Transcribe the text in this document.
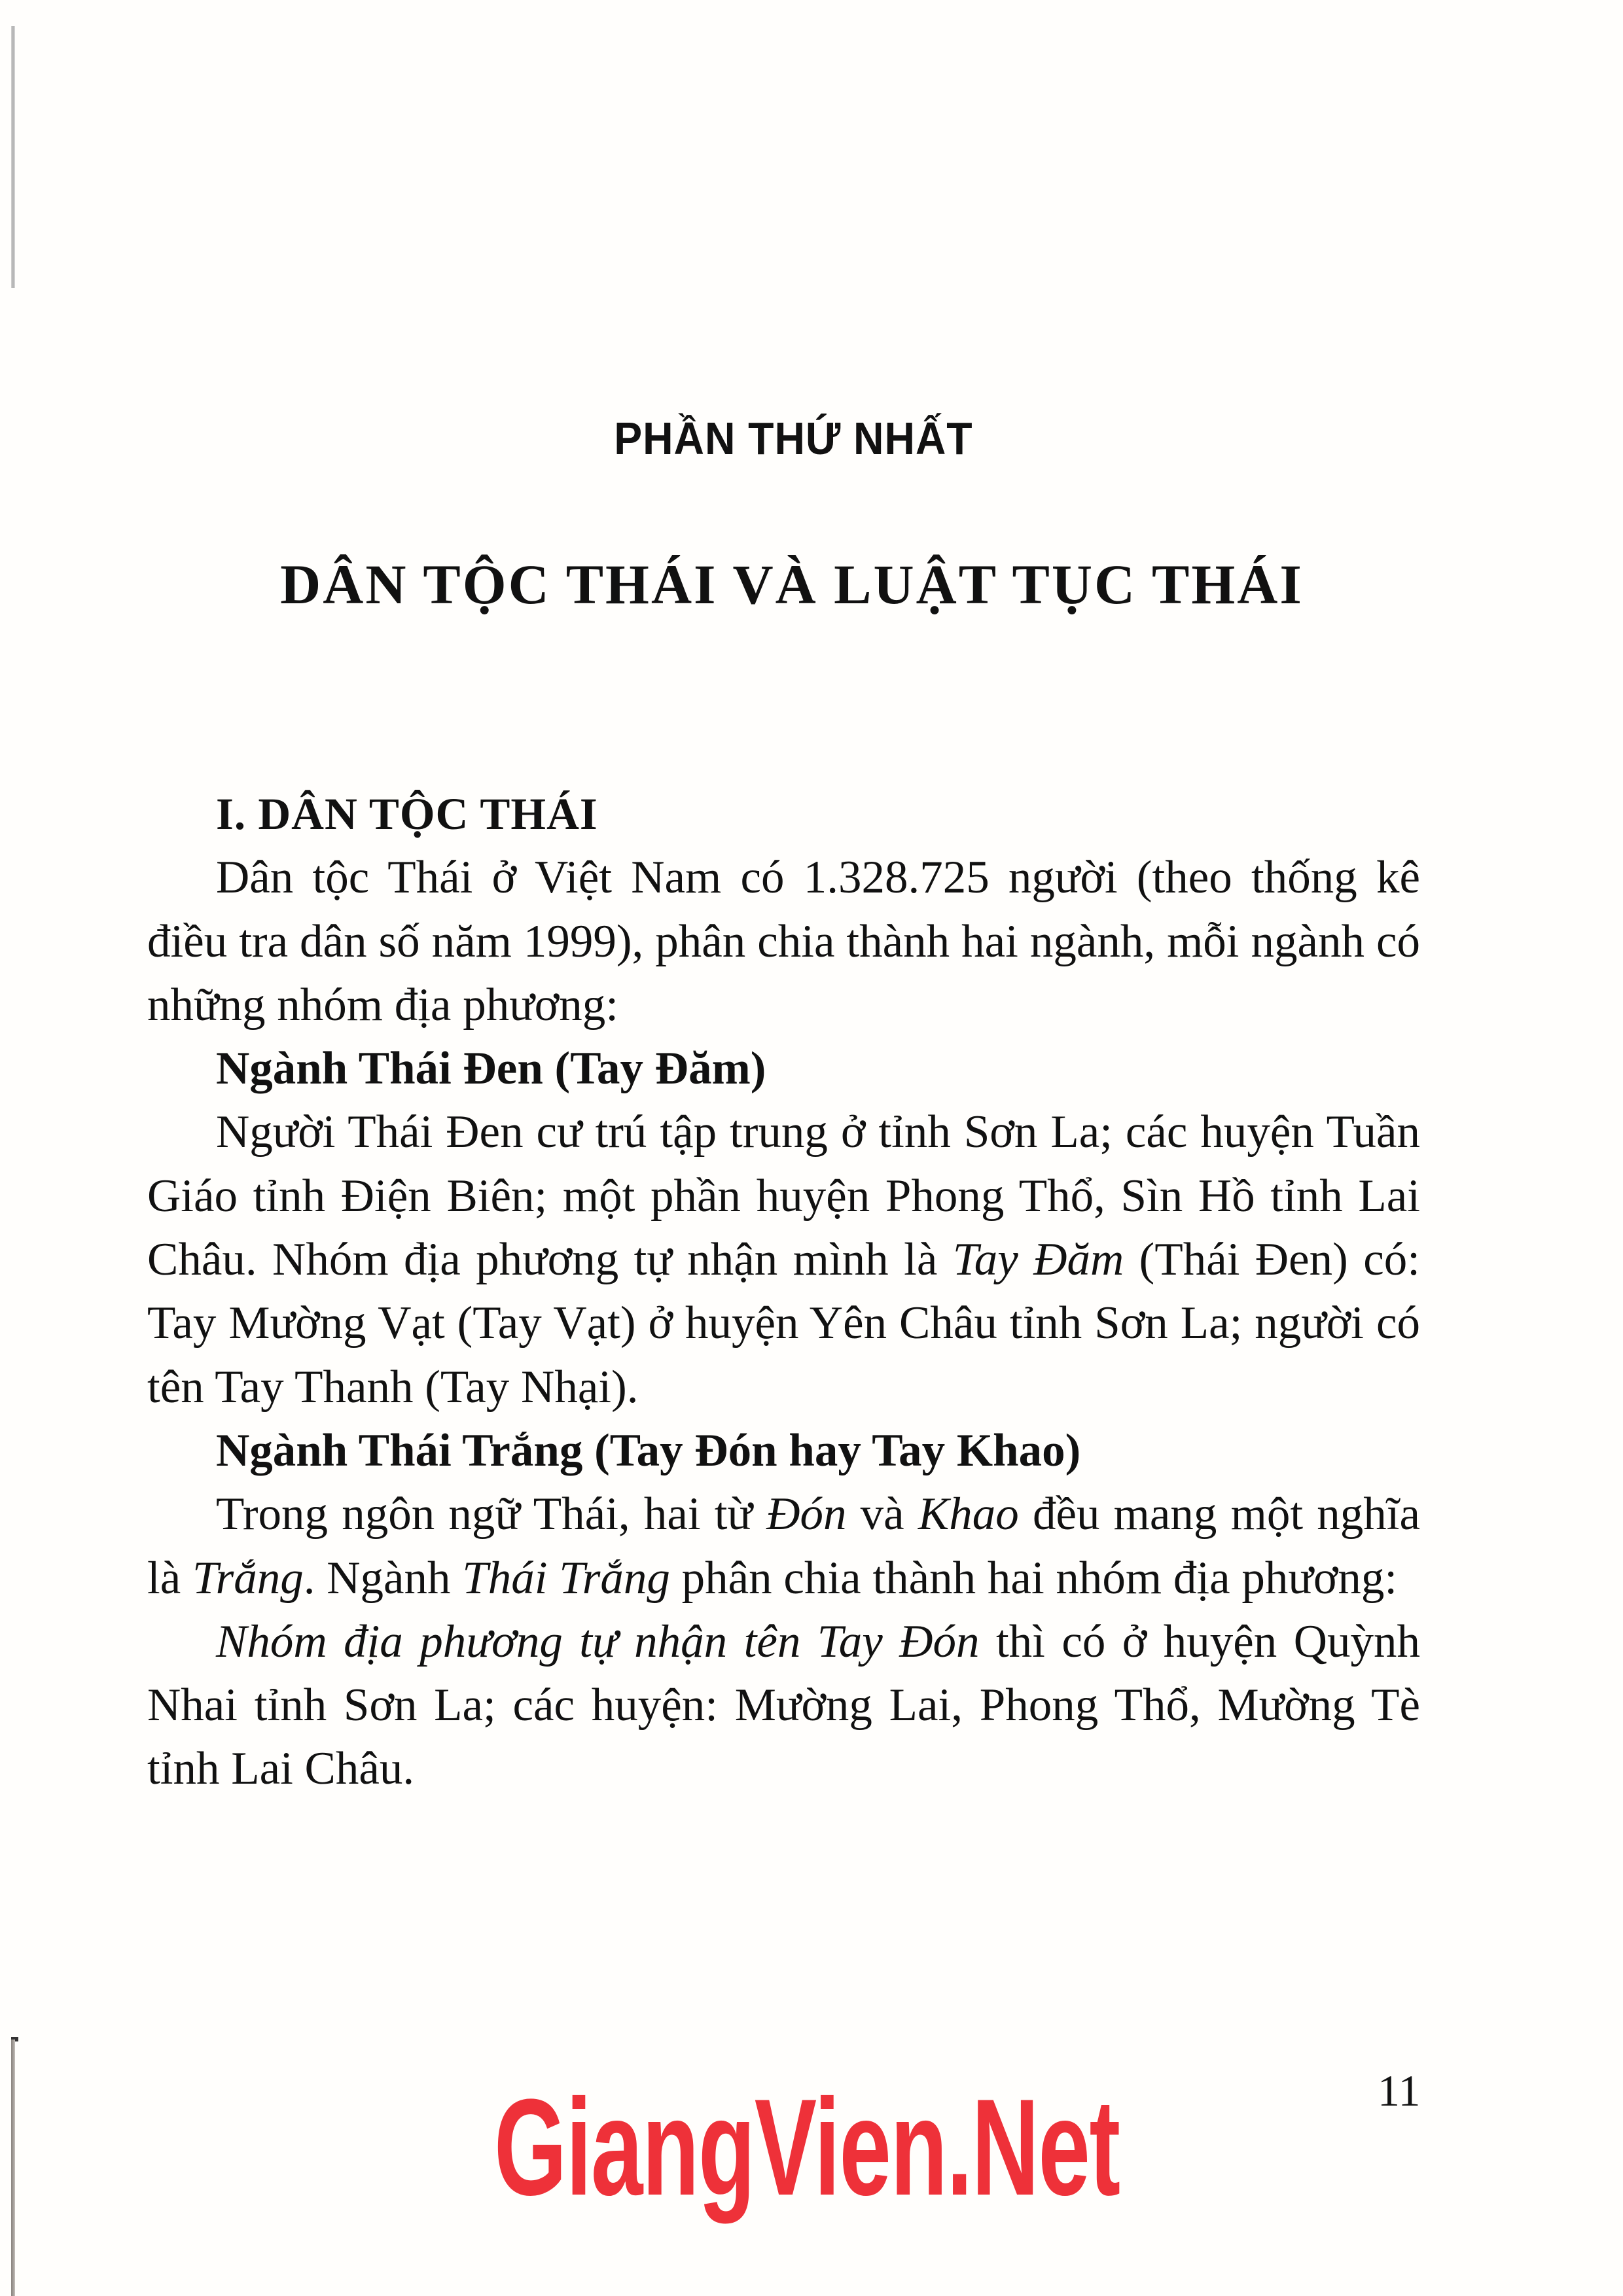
PHẦN THỨ NHẤT
DÂN TỘC THÁI VÀ LUẬT TỤC THÁI

I. DÂN TỘC THÁI

Dân tộc Thái ở Việt Nam có 1.328.725 người (theo thống kê điều tra dân số năm 1999), phân chia thành hai ngành, mỗi ngành có những nhóm địa phương:

Ngành Thái Đen (Tay Đăm)

Người Thái Đen cư trú tập trung ở tỉnh Sơn La; các huyện Tuần Giáo tỉnh Điện Biên; một phần huyện Phong Thổ, Sìn Hồ tỉnh Lai Châu. Nhóm địa phương tự nhận mình là Tay Đăm (Thái Đen) có: Tay Mường Vạt (Tay Vạt) ở huyện Yên Châu tỉnh Sơn La; người có tên Tay Thanh (Tay Nhại).

Ngành Thái Trắng (Tay Đón hay Tay Khao)

Trong ngôn ngữ Thái, hai từ Đón và Khao đều mang một nghĩa là Trắng. Ngành Thái Trắng phân chia thành hai nhóm địa phương:

Nhóm địa phương tự nhận tên Tay Đón thì có ở huyện Quỳnh Nhai tỉnh Sơn La; các huyện: Mường Lai, Phong Thổ, Mường Tè tỉnh Lai Châu.

11
GiangVien.Net
